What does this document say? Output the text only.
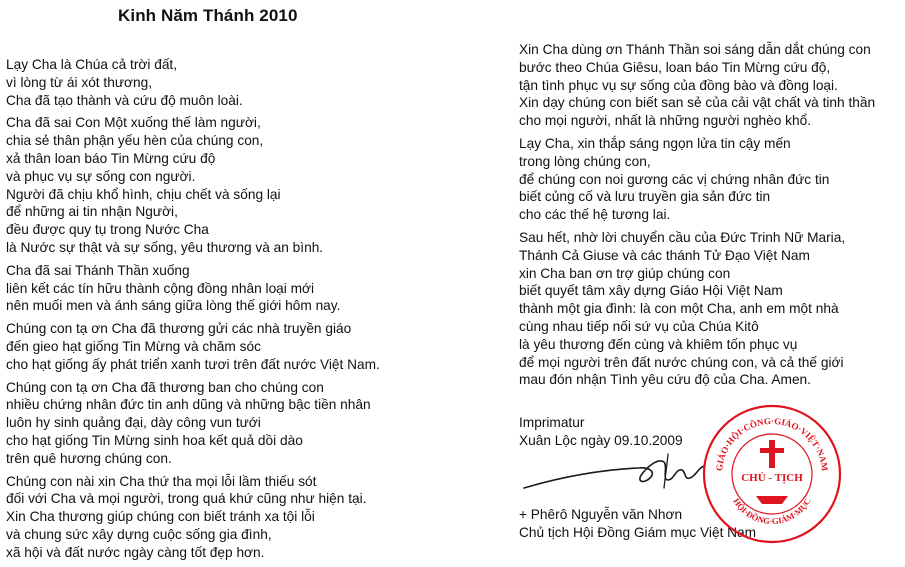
Kinh Năm Thánh 2010
Lạy Cha là Chúa cả trời đất,
vì lòng từ ái xót thương,
Cha đã tạo thành và cứu độ muôn loài.
Cha đã sai Con Một xuống thế làm người,
chia sẻ thân phận yếu hèn của chúng con,
xả thân loan báo Tin Mừng cứu độ
và phục vụ sự sống con người.
Người đã chịu khổ hình, chịu chết và sống lại
để những ai tin nhận Người,
đều được quy tụ trong Nước Cha
là Nước sự thật và sự sống, yêu thương và an bình.
Cha đã sai Thánh Thần xuống
liên kết các tín hữu thành cộng đồng nhân loại mới
nên muối men và ánh sáng giữa lòng thế giới hôm nay.
Chúng con tạ ơn Cha đã thương gửi các nhà truyền giáo
đến gieo hạt giống Tin Mừng và chăm sóc
cho hạt giống ấy phát triển xanh tươi trên đất nước Việt Nam.
Chúng con tạ ơn Cha đã thương ban cho chúng con
nhiều chứng nhân đức tin anh dũng và những bậc tiền nhân
luôn hy sinh quảng đại, dày công vun tưới
cho hạt giống Tin Mừng sinh hoa kết quả dồi dào
trên quê hương chúng con.
Chúng con nài xin Cha thứ tha mọi lỗi lầm thiếu sót
đối với Cha và mọi người, trong quá khứ cũng như hiện tại.
Xin Cha thương giúp chúng con biết tránh xa tội lỗi
và chung sức xây dựng cuộc sống gia đình,
xã hội và đất nước ngày càng tốt đẹp hơn.
Xin Cha dùng ơn Thánh Thần soi sáng dẫn dắt chúng con
bước theo Chúa Giêsu, loan báo Tin Mừng cứu độ,
tận tình phục vụ sự sống của đồng bào và đồng loại.
Xin dạy chúng con biết san sẻ của cải vật chất và tinh thần
cho mọi người, nhất là những người nghèo khổ.
Lạy Cha, xin thắp sáng ngọn lửa tin cậy mến
trong lòng chúng con,
để chúng con noi gương các vị chứng nhân đức tin
biết củng cố và lưu truyền gia sản đức tin
cho các thế hệ tương lai.
Sau hết, nhờ lời chuyển cầu của Đức Trinh Nữ Maria,
Thánh Cả Giuse và các thánh Tử Đạo Việt Nam
xin Cha ban ơn trợ giúp chúng con
biết quyết tâm xây dựng Giáo Hội Việt Nam
thành một gia đình: là con một Cha, anh em một nhà
cùng nhau tiếp nối sứ vụ của Chúa Kitô
là yêu thương đến cùng và khiêm tốn phục vụ
để mọi người trên đất nước chúng con, và cả thế giới
mau đón nhận Tình yêu cứu độ của Cha. Amen.
Imprimatur
Xuân Lộc ngày 09.10.2009
+ Phêrô Nguyễn văn Nhơn
Chủ tịch Hội Đồng Giám mục Việt Nam
GIÁO·HỘI·CÔNG·GIÁO·VIỆT·NAM
HỘI·ĐỒNG·GIÁM·MỤC
CHỦ - TỊCH
